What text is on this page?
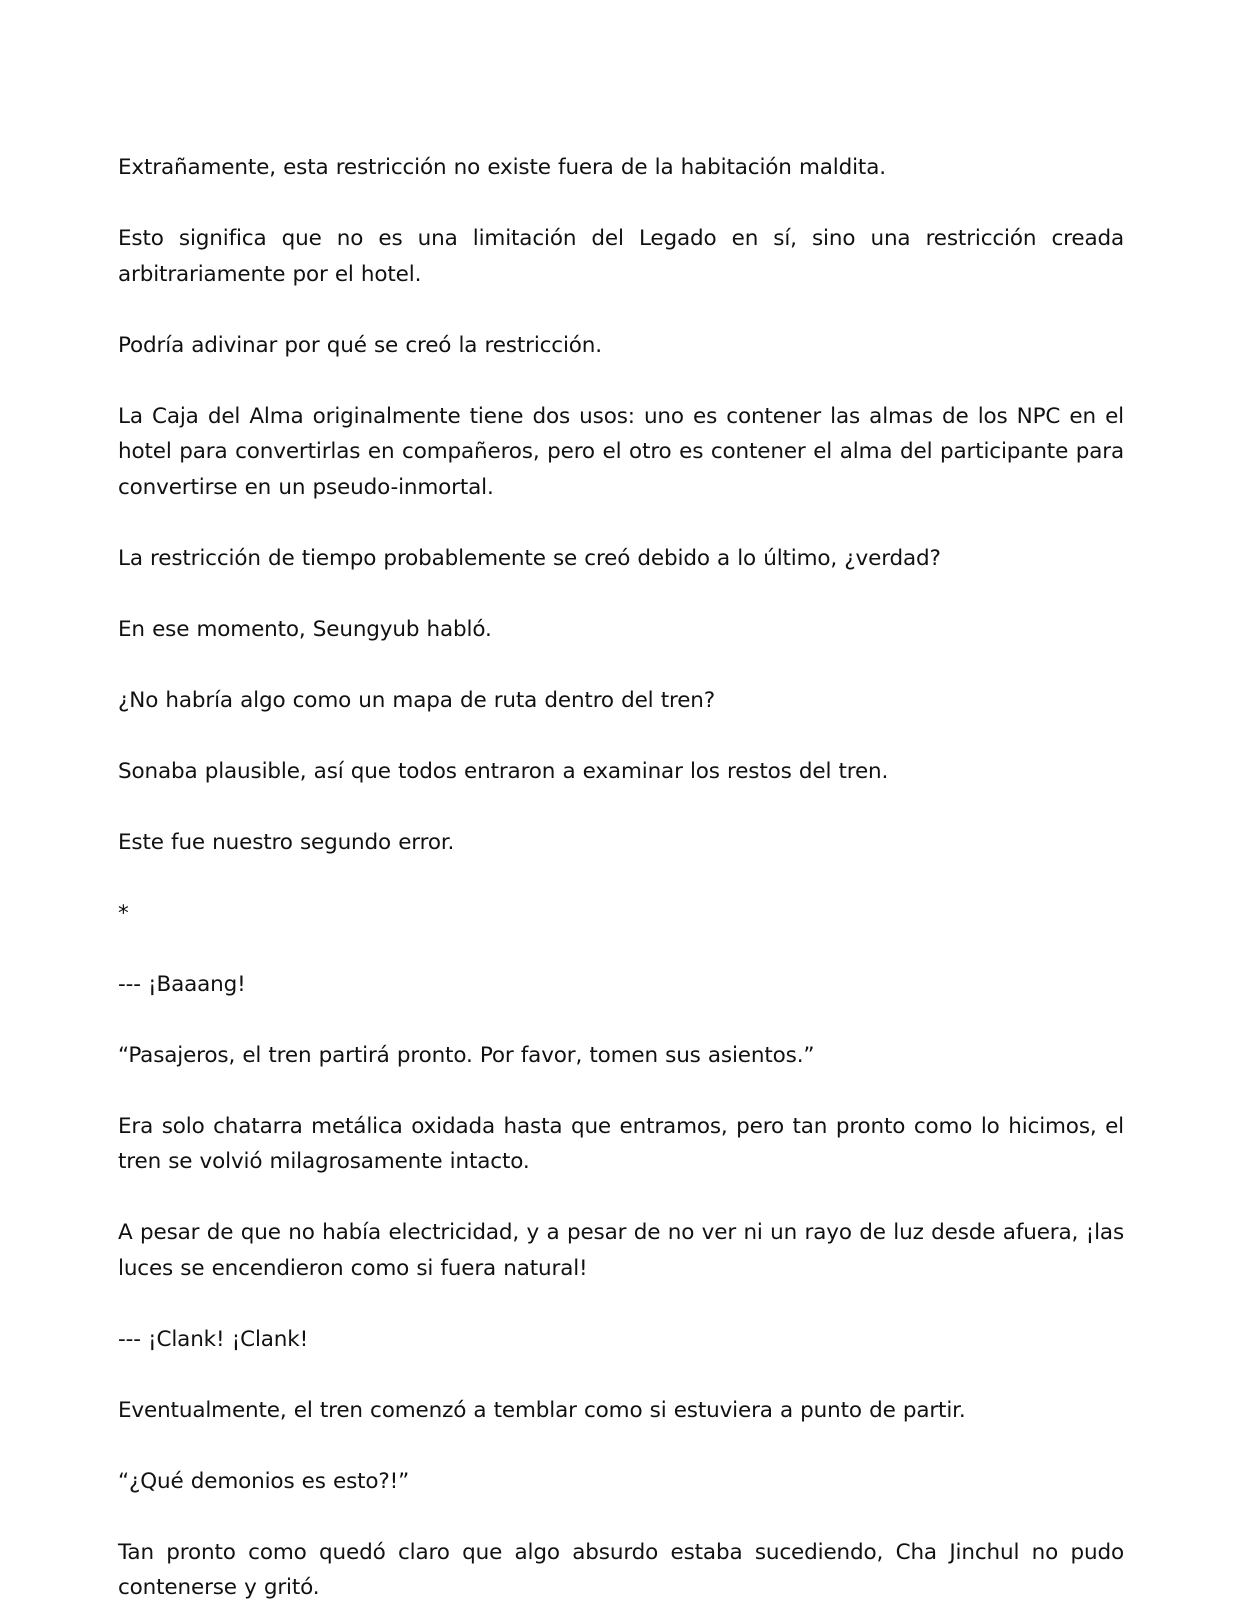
Extrañamente, esta restricción no existe fuera de la habitación maldita.

Esto significa que no es una limitación del Legado en sí, sino una restricción creada arbitrariamente por el hotel.

Podría adivinar por qué se creó la restricción.

La Caja del Alma originalmente tiene dos usos: uno es contener las almas de los NPC en el hotel para convertirlas en compañeros, pero el otro es contener el alma del participante para convertirse en un pseudo-inmortal.

La restricción de tiempo probablemente se creó debido a lo último, ¿verdad?

En ese momento, Seungyub habló.

¿No habría algo como un mapa de ruta dentro del tren?

Sonaba plausible, así que todos entraron a examinar los restos del tren.

Este fue nuestro segundo error.

*

--- ¡Baaang!

“Pasajeros, el tren partirá pronto. Por favor, tomen sus asientos.”

Era solo chatarra metálica oxidada hasta que entramos, pero tan pronto como lo hicimos, el tren se volvió milagrosamente intacto.

A pesar de que no había electricidad, y a pesar de no ver ni un rayo de luz desde afuera, ¡las luces se encendieron como si fuera natural!

--- ¡Clank! ¡Clank!

Eventualmente, el tren comenzó a temblar como si estuviera a punto de partir.

“¿Qué demonios es esto?!”

Tan pronto como quedó claro que algo absurdo estaba sucediendo, Cha Jinchul no pudo contenerse y gritó.
